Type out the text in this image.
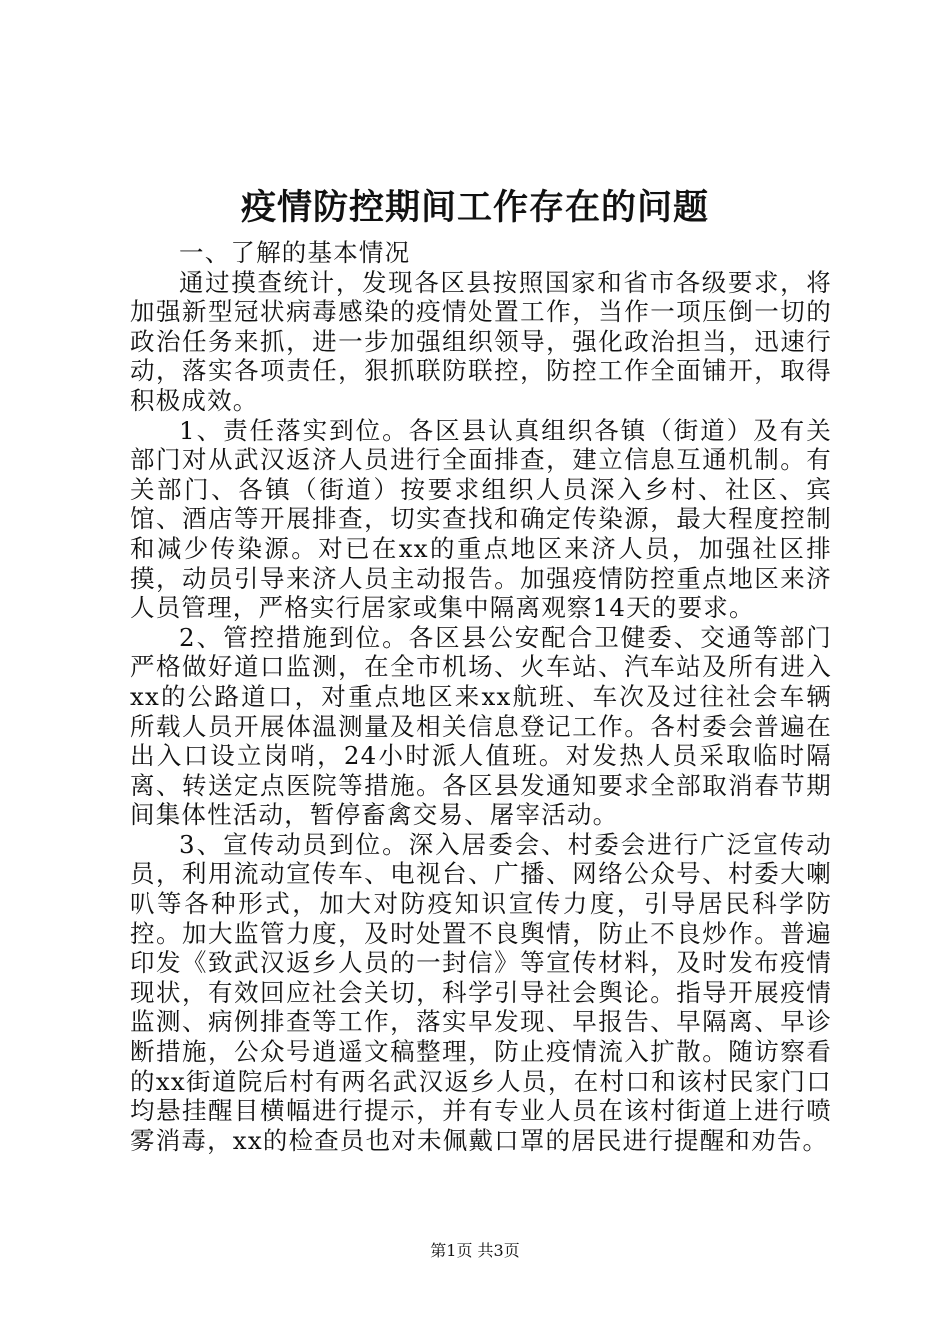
疫情防控期间工作存在的问题

一、了解的基本情况

通过摸查统计，发现各区县按照国家和省市各级要求，将加强新型冠状病毒感染的疫情处置工作，当作一项压倒一切的政治任务来抓，进一步加强组织领导，强化政治担当，迅速行动，落实各项责任，狠抓联防联控，防控工作全面铺开，取得积极成效。

1、责任落实到位。各区县认真组织各镇（街道）及有关部门对从武汉返济人员进行全面排查，建立信息互通机制。有关部门、各镇（街道）按要求组织人员深入乡村、社区、宾馆、酒店等开展排查，切实查找和确定传染源，最大程度控制和减少传染源。对已在xx的重点地区来济人员，加强社区排摸，动员引导来济人员主动报告。加强疫情防控重点地区来济人员管理，严格实行居家或集中隔离观察14天的要求。

2、管控措施到位。各区县公安配合卫健委、交通等部门严格做好道口监测，在全市机场、火车站、汽车站及所有进入xx的公路道口，对重点地区来xx航班、车次及过往社会车辆所载人员开展体温测量及相关信息登记工作。各村委会普遍在出入口设立岗哨，24小时派人值班。对发热人员采取临时隔离、转送定点医院等措施。各区县发通知要求全部取消春节期间集体性活动，暂停畜禽交易、屠宰活动。

3、宣传动员到位。深入居委会、村委会进行广泛宣传动员，利用流动宣传车、电视台、广播、网络公众号、村委大喇叭等各种形式，加大对防疫知识宣传力度，引导居民科学防控。加大监管力度，及时处置不良舆情，防止不良炒作。普遍印发《致武汉返乡人员的一封信》等宣传材料，及时发布疫情现状，有效回应社会关切，科学引导社会舆论。指导开展疫情监测、病例排查等工作，落实早发现、早报告、早隔离、早诊断措施，公众号逍遥文稿整理，防止疫情流入扩散。随访察看的xx街道院后村有两名武汉返乡人员，在村口和该村民家门口均悬挂醒目横幅进行提示，并有专业人员在该村街道上进行喷雾消毒，xx的检查员也对未佩戴口罩的居民进行提醒和劝告。

第1页 共3页
